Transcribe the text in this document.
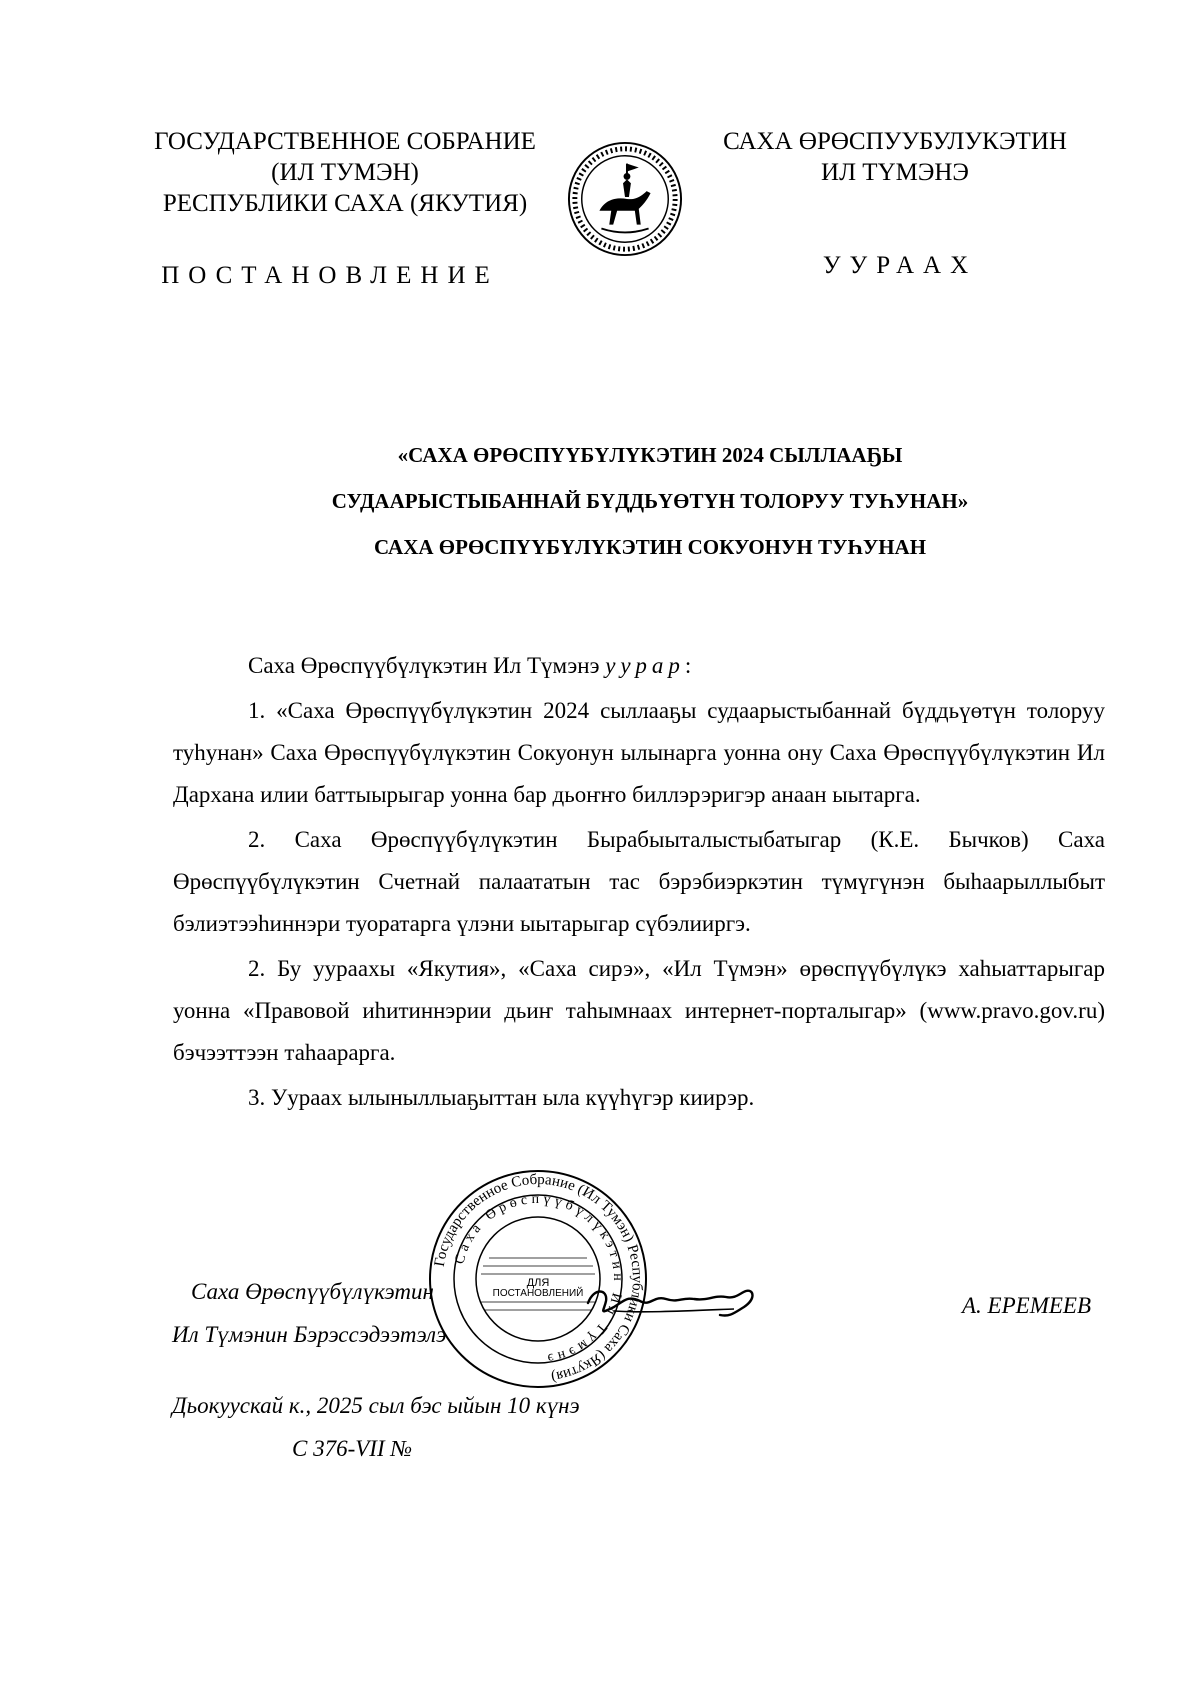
ГОСУДАРСТВЕННОЕ СОБРАНИЕ
(ИЛ ТУМЭН)
РЕСПУБЛИКИ САХА (ЯКУТИЯ)
САХА ӨРӨСПУУБУЛУКЭТИН
ИЛ ТҮМЭНЭ
ПОСТАНОВЛЕНИЕ	УУРААХ
«САХА ӨРӨСПҮҮБҮЛҮКЭТИН 2024 СЫЛЛААҔЫ
СУДААРЫСТЫБАННАЙ БҮДДЬҮӨТҮН ТОЛОРУУ ТУҺУНАН»
САХА ӨРӨСПҮҮБҮЛҮКЭТИН СОКУОНУН ТУҺУНАН

Саха Өрөспүүбүлүкэтин Ил Түмэнэ уурар:

1. «Саха Өрөспүүбүлүкэтин 2024 сыллааҕы судаарыстыбаннай бүддьүөтүн толоруу туһунан» Саха Өрөспүүбүлүкэтин Сокуонун ылынарга уонна ону Саха Өрөспүүбүлүкэтин Ил Дархана илии баттыырыгар уонна бар дьоҥҥо биллэрэригэр анаан ыытарга.

2. Саха Өрөспүүбүлүкэтин Бырабыыталыстыбатыгар (К.Е. Бычков) Саха Өрөспүүбүлүкэтин Счетнай палаататын тас бэрэбиэркэтин түмүгүнэн быһаарыллыбыт бэлиэтээһиннэри туоратарга үлэни ыытарыгар сүбэлииргэ.

2. Бу уураахы «Якутия», «Саха сирэ», «Ил Түмэн» өрөспүүбүлүкэ хаһыаттарыгар уонна «Правовой иһитиннэрии дьиҥ таһымнаах интернет-порталыгар» (www.pravo.gov.ru) бэчээттээн таһаарарга.

3. Уураах ылыныллыаҕыттан ыла күүһүгэр киирэр.

Саха Өрөспүүбүлүкэтин
Ил Түмэнин Бэрэссэдээтэлэ
А. ЕРЕМЕЕВ
Дьокуускай к., 2025 сыл бэс ыйын 10 күнэ
С 376-VII №
Государственное Собрание (Ил Тумэн) Республики Саха (Якутия)
Саха Өрөспүүбүлүкэтин Ил Түмэнэ
ДЛЯ
ПОСТАНОВЛЕНИЙ
